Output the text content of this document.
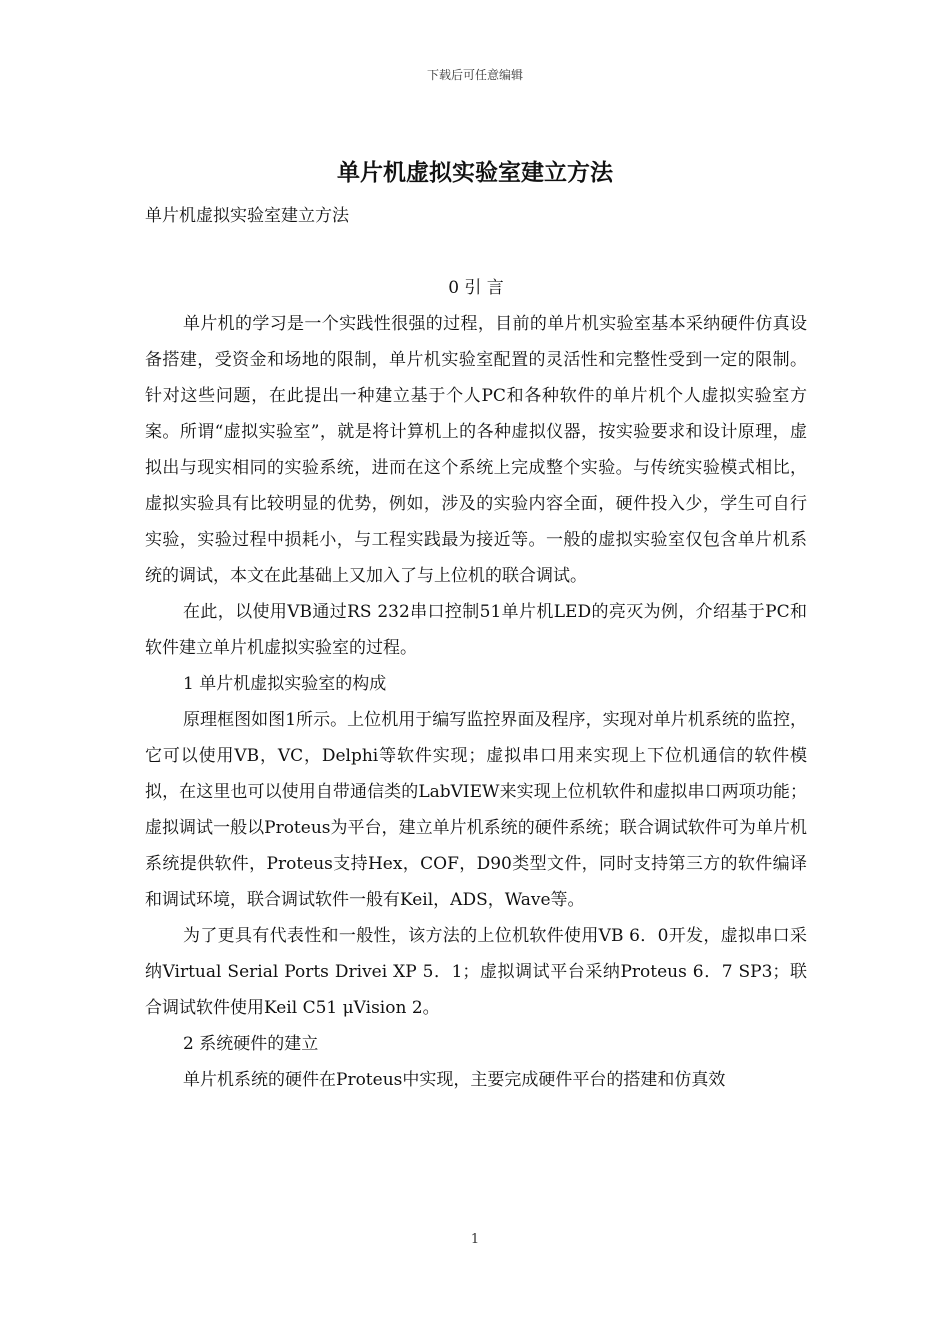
下载后可任意编辑
单片机虚拟实验室建立方法

单片机虚拟实验室建立方法

0 引 言

单片机的学习是一个实践性很强的过程，目前的单片机实验室基本采纳硬件仿真设备搭建，受资金和场地的限制，单片机实验室配置的灵活性和完整性受到一定的限制。针对这些问题，在此提出一种建立基于个人PC和各种软件的单片机个人虚拟实验室方案。所谓“虚拟实验室”，就是将计算机上的各种虚拟仪器，按实验要求和设计原理，虚拟出与现实相同的实验系统，进而在这个系统上完成整个实验。与传统实验模式相比，虚拟实验具有比较明显的优势，例如，涉及的实验内容全面，硬件投入少，学生可自行实验，实验过程中损耗小，与工程实践最为接近等。一般的虚拟实验室仅包含单片机系统的调试，本文在此基础上又加入了与上位机的联合调试。

在此，以使用VB通过RS 232串口控制51单片机LED的亮灭为例，介绍基于PC和软件建立单片机虚拟实验室的过程。

1 单片机虚拟实验室的构成

原理框图如图1所示。上位机用于编写监控界面及程序，实现对单片机系统的监控，它可以使用VB，VC，Delphi等软件实现；虚拟串口用来实现上下位机通信的软件模拟，在这里也可以使用自带通信类的LabVIEW来实现上位机软件和虚拟串口两项功能；虚拟调试一般以Proteus为平台，建立单片机系统的硬件系统；联合调试软件可为单片机系统提供软件，Proteus支持Hex，COF，D90类型文件，同时支持第三方的软件编译和调试环境，联合调试软件一般有Keil，ADS，Wave等。

为了更具有代表性和一般性，该方法的上位机软件使用VB 6．0开发，虚拟串口采纳Virtual Serial Ports Drivei XP 5．1；虚拟调试平台采纳Proteus 6．7 SP3；联合调试软件使用Keil C51 μVision 2。

2 系统硬件的建立

单片机系统的硬件在Proteus中实现，主要完成硬件平台的搭建和仿真效

1
